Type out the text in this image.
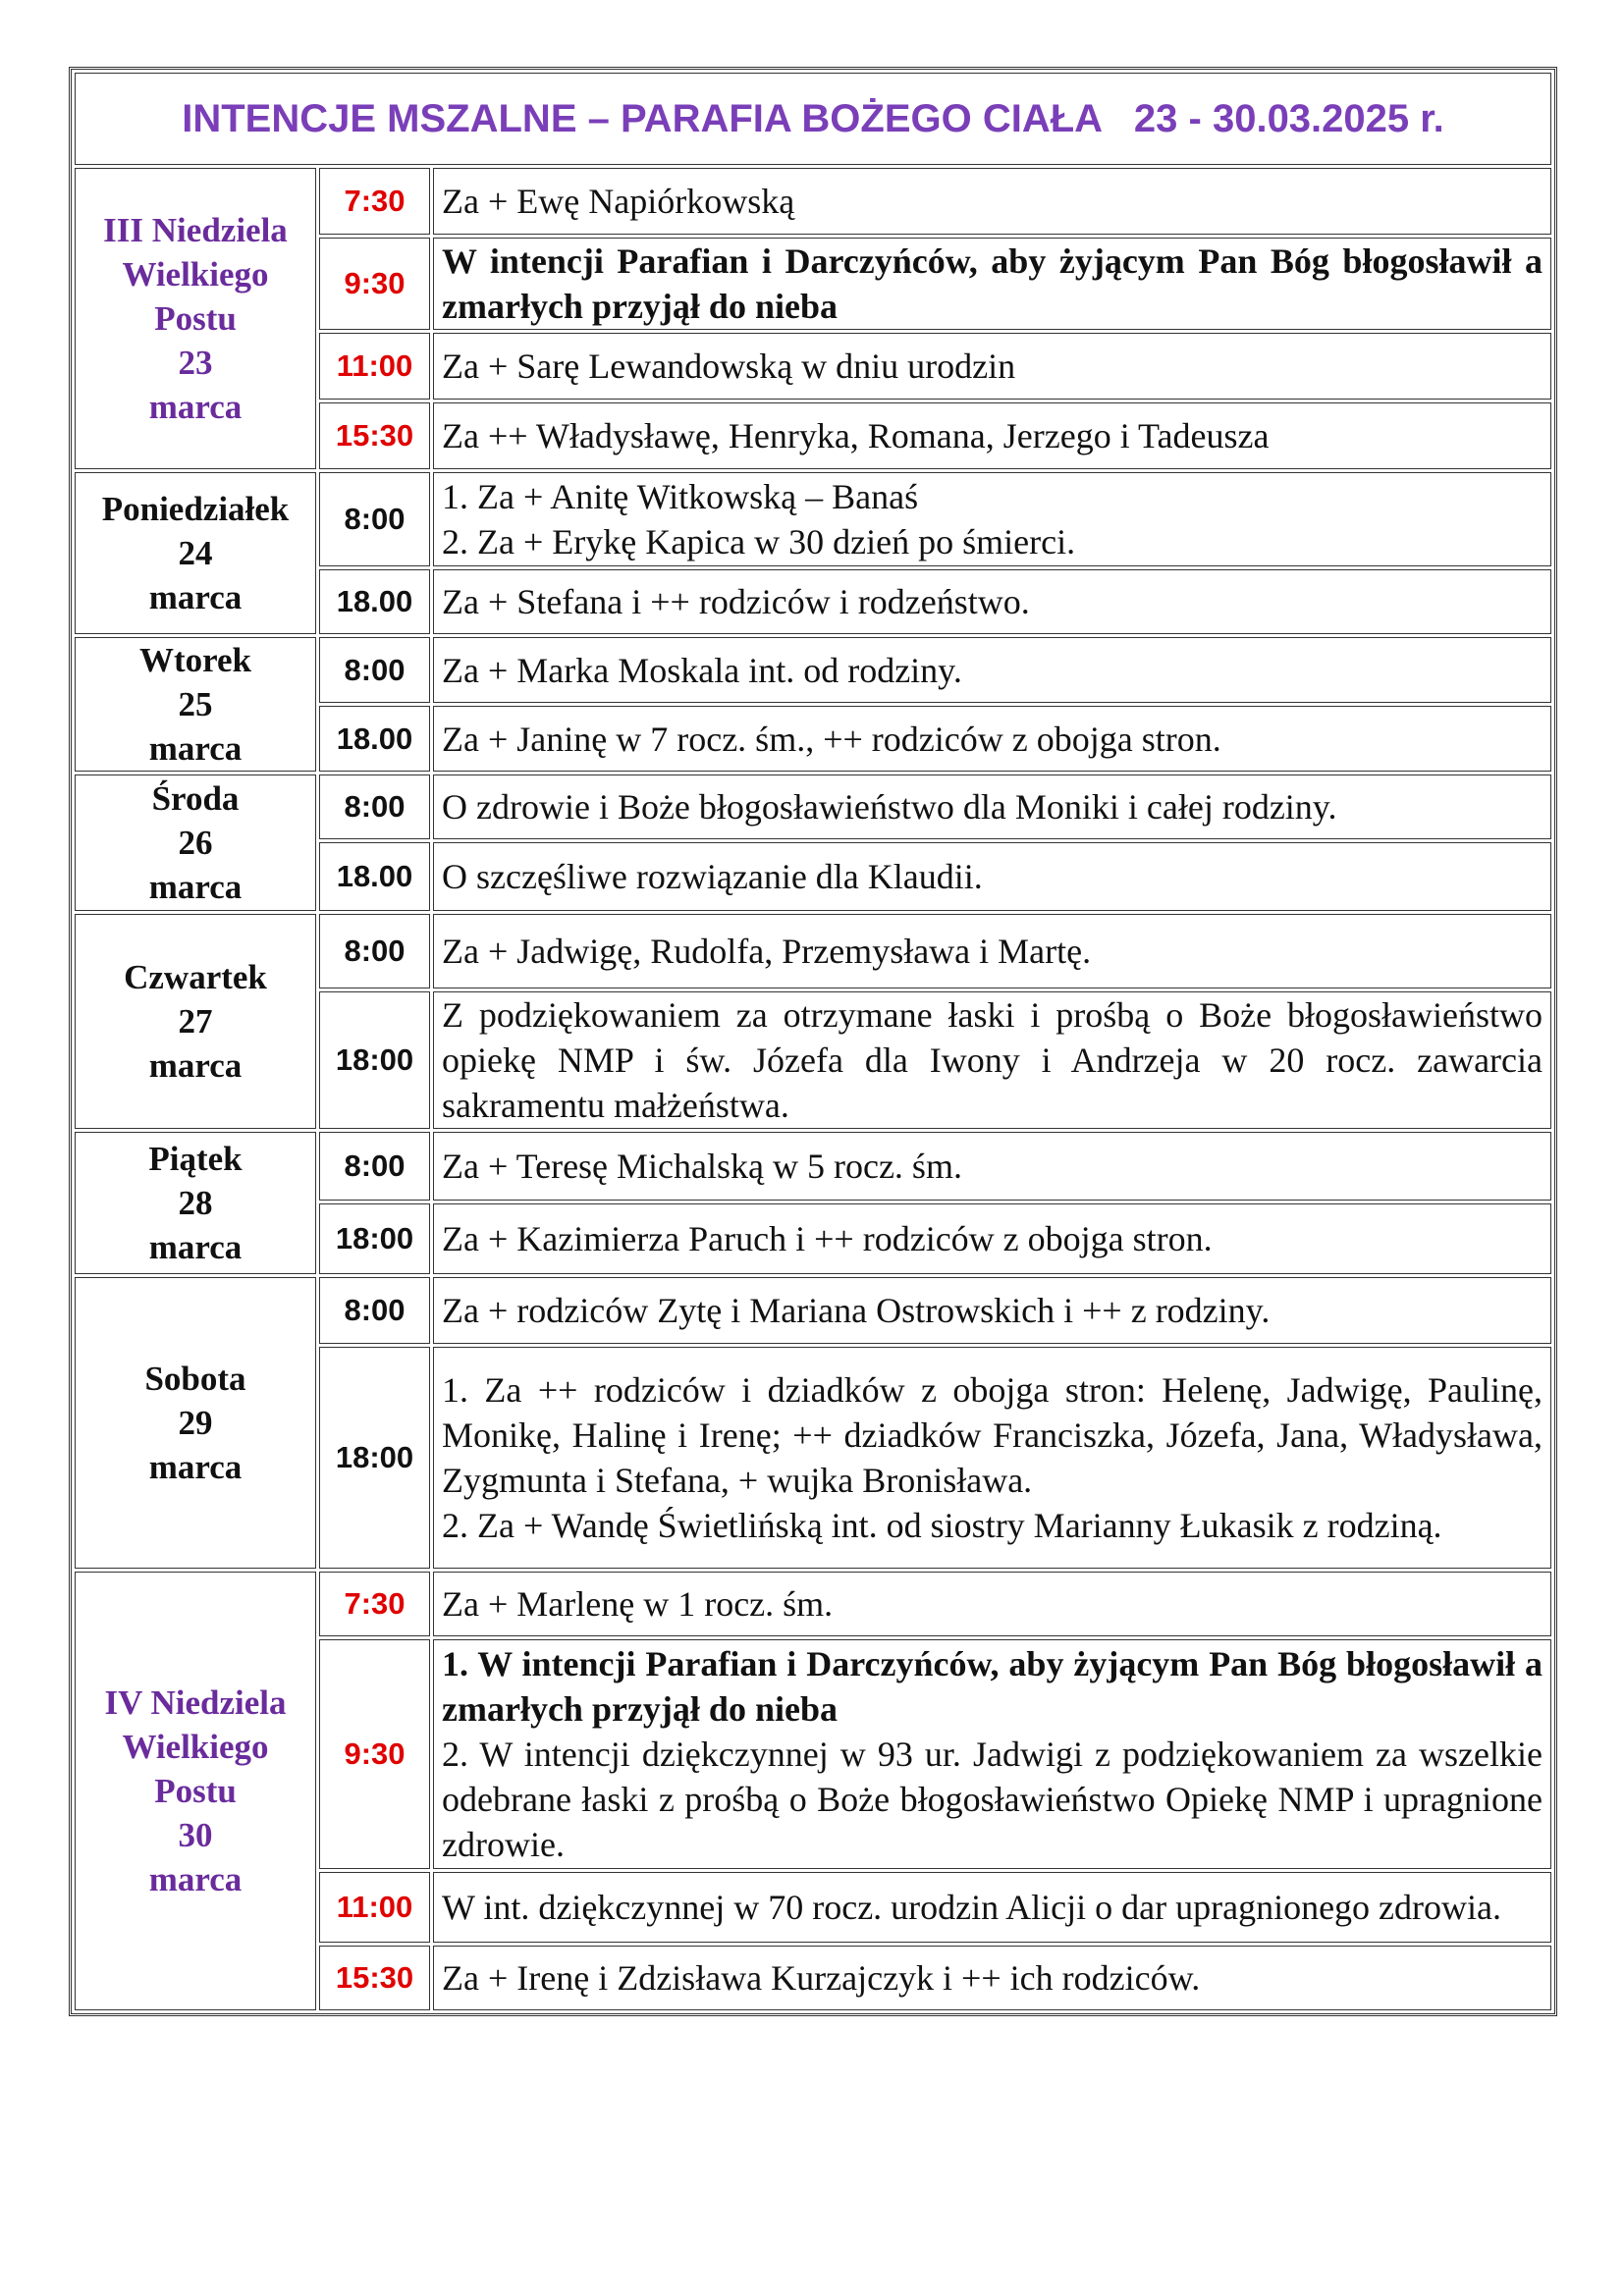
INTENCJE MSZALNE – PARAFIA BOŻEGO CIAŁA   23 - 30.03.2025 r.		

III Niedziela
Wielkiego
Postu
23
marca	7:30	Za + Ewę Napiórkowską

	9:30	W intencji Parafian i Darczyńców, aby żyjącym Pan Bóg błogosławił a zmarłych przyjął do nieba

	11:00	Za + Sarę Lewandowską w dniu urodzin

	15:30	Za ++ Władysławę, Henryka, Romana, Jerzego i Tadeusza

Poniedziałek
24
marca	8:00	1. Za + Anitę Witkowską – Banaś
2. Za + Erykę Kapica w 30 dzień po śmierci.

	18.00	Za + Stefana i ++ rodziców i rodzeństwo.

Wtorek
25
marca	8:00	Za + Marka Moskala int. od rodziny.

	18.00	Za + Janinę w 7 rocz. śm., ++ rodziców z obojga stron.

Środa
26
marca	8:00	O zdrowie i Boże błogosławieństwo dla Moniki i całej rodziny.

	18.00	O szczęśliwe rozwiązanie dla Klaudii.

Czwartek
27
marca	8:00	Za + Jadwigę, Rudolfa, Przemysława i Martę.

	18:00	Z podziękowaniem za otrzymane łaski i prośbą o Boże błogosławieństwo opiekę NMP i św. Józefa dla Iwony i Andrzeja w 20 rocz. zawarcia sakramentu małżeństwa.

Piątek
28
marca	8:00	Za + Teresę Michalską w 5 rocz. śm.

	18:00	Za + Kazimierza Paruch i ++ rodziców z obojga stron.

Sobota
29
marca	8:00	Za + rodziców Zytę i Mariana Ostrowskich i ++ z rodziny.

	18:00	1. Za ++ rodziców i dziadków z obojga stron: Helenę, Jadwigę, Paulinę, Monikę, Halinę i Irenę; ++ dziadków Franciszka, Józefa, Jana, Władysława, Zygmunta i Stefana, + wujka Bronisława.
2. Za + Wandę Świetlińską int. od siostry Marianny Łukasik z rodziną.

IV Niedziela
Wielkiego
Postu
30
marca	7:30	Za + Marlenę w 1 rocz. śm.

	9:30	1. W intencji Parafian i Darczyńców, aby żyjącym Pan Bóg błogosławił a zmarłych przyjął do nieba
2. W intencji dziękczynnej w 93 ur. Jadwigi z podziękowaniem za wszelkie odebrane łaski z prośbą o Boże błogosławieństwo Opiekę NMP i upragnione zdrowie.

	11:00	W int. dziękczynnej w 70 rocz. urodzin Alicji o dar upragnionego zdrowia.

	15:30	Za + Irenę i Zdzisława Kurzajczyk i ++ ich rodziców.
